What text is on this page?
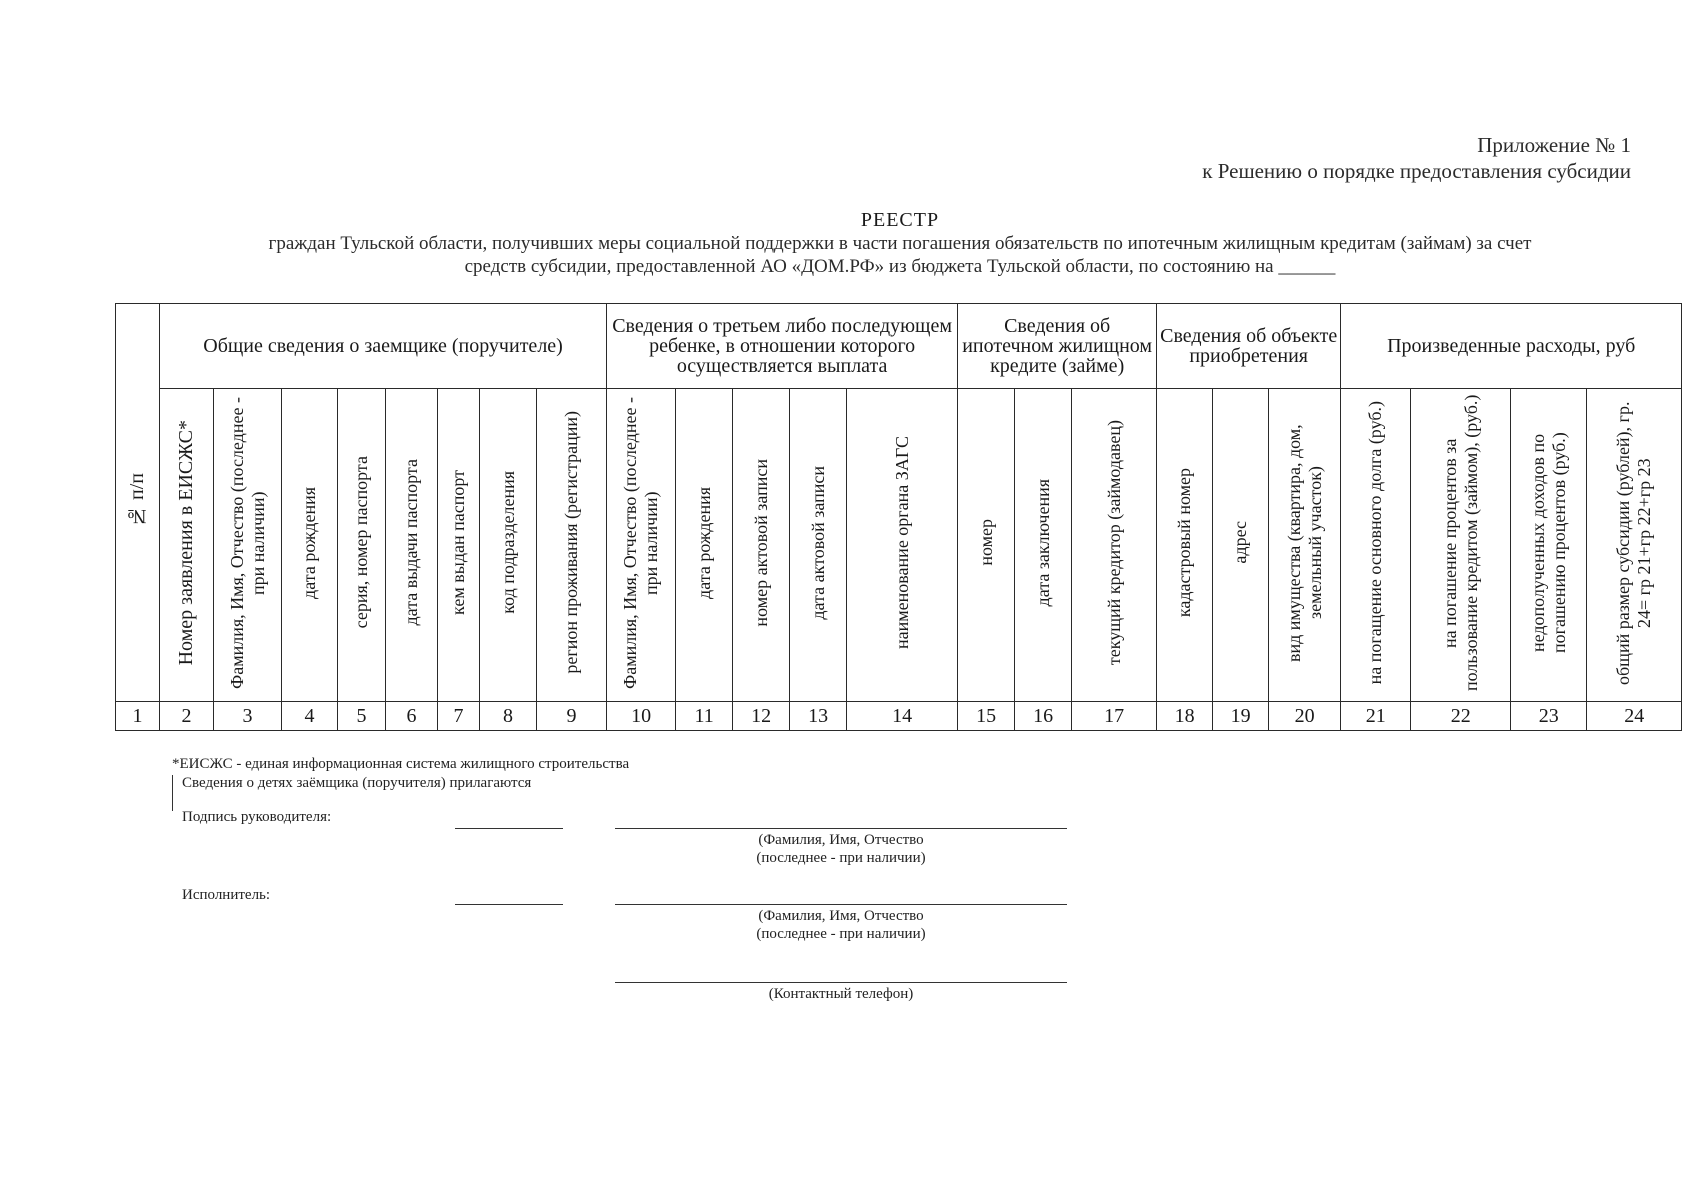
Приложение № 1
к Решению о порядке предоставления субсидии
РЕЕСТР
граждан Тульской области, получивших меры социальной поддержки в части погашения обязательств по ипотечным жилищным кредитам (займам) за счет
средств субсидии, предоставленной АО «ДОМ.РФ» из бюджета Тульской области, по состоянию на ______
№ п/п	Общие сведения о заемщике (поручителе)								Сведения о третьем либо последующем ребенке, в отношении которого осуществляется выплата					Сведения об ипотечном жилищном кредите (займе)			Сведения об объекте приобретения			Произведенные расходы, руб			
	Номер заявления в ЕИСЖС*	Фамилия, Имя, Отчество (последнее - при наличии)	дата рождения	серия, номер паспорта	дата выдачи паспорта	кем выдан паспорт	код подразделения	регион проживания (регистрации)	Фамилия, Имя, Отчество (последнее - при наличии)	дата рождения	номер актовой записи	дата актовой записи	наименование органа ЗАГС	номер	дата заключения	текущий кредитор (займодавец)	кадастровый номер	адрес	вид имущества (квартира, дом, земельный участок)	на погащение основного долга (руб.)	на погашение процентов за пользование кредитом (займом), (руб.)	недополученных доходов по погашению процентов (руб.)	общий размер субсидии (рублей), гр. 24= гр 21+гр 22+гр 23
1	2	3	4	5	6	7	8	9	10	11	12	13	14	15	16	17	18	19	20	21	22	23	24
*ЕИСЖС - единая информационная система жилищного строительства
Сведения о детях заёмщика (поручителя) прилагаются
Подпись руководителя:
(Фамилия, Имя, Отчество
(последнее - при наличии)
Исполнитель:
(Фамилия, Имя, Отчество
(последнее - при наличии)
(Контактный телефон)
